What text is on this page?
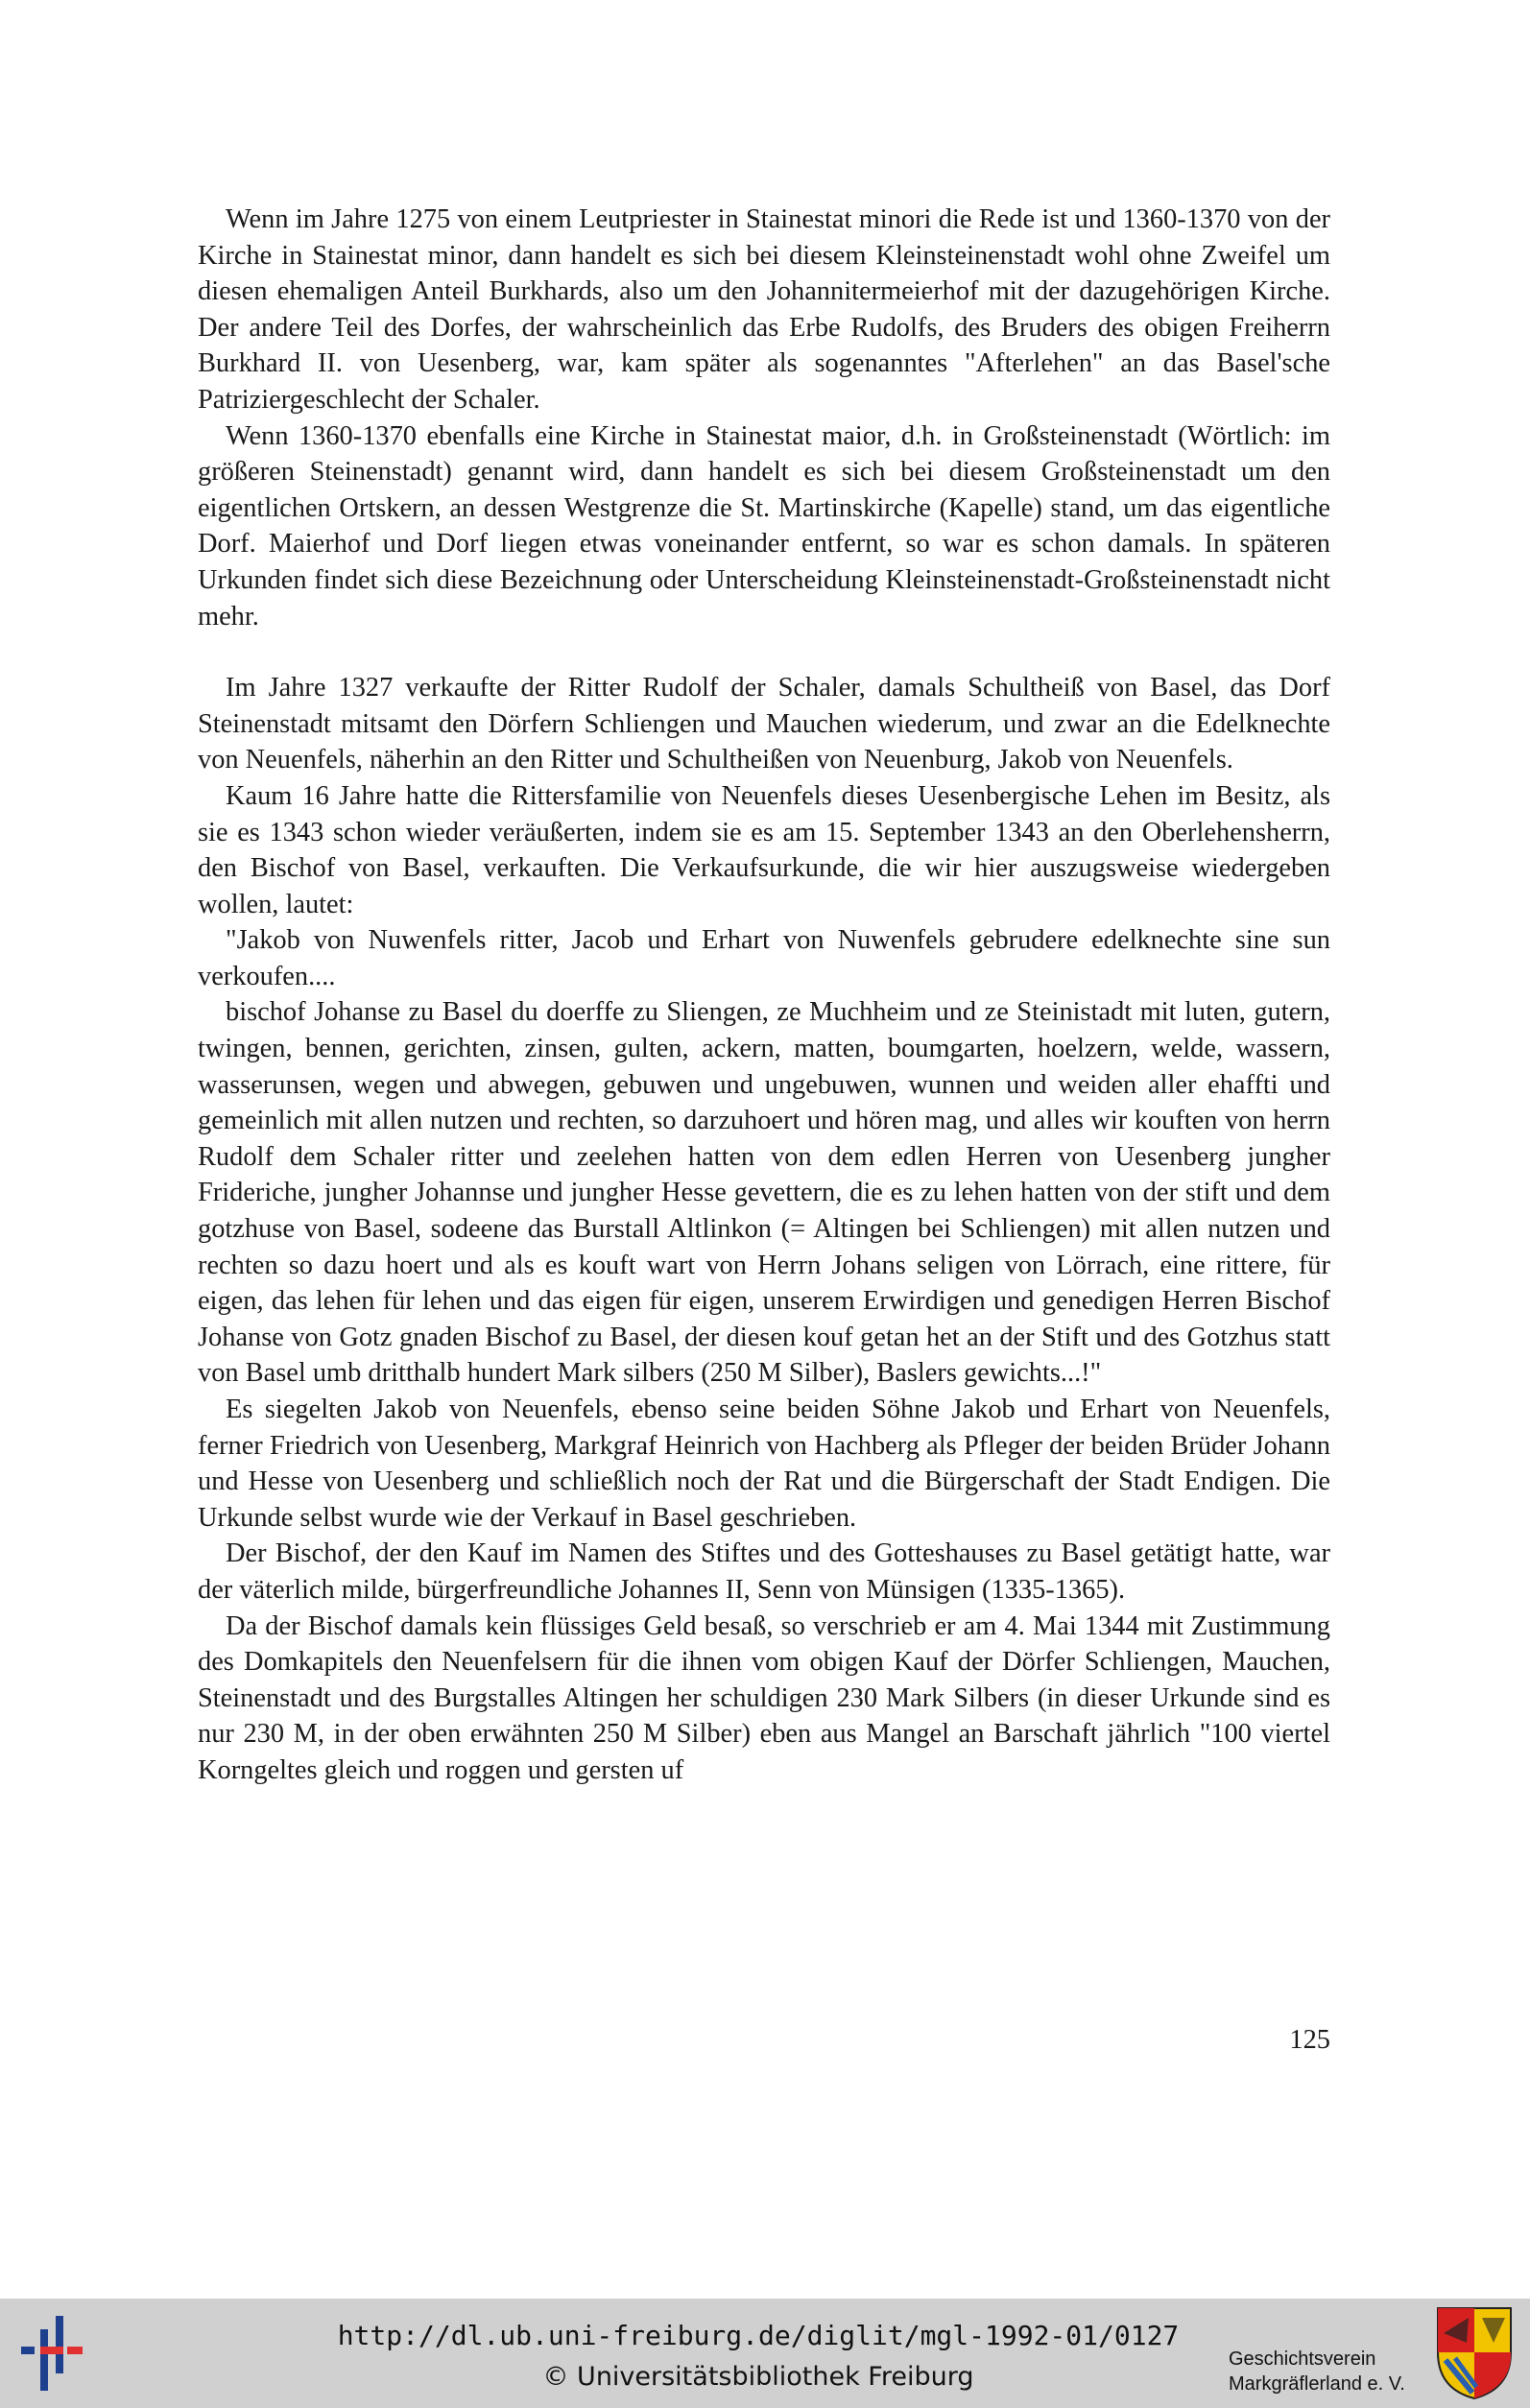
Wenn im Jahre 1275 von einem Leutpriester in Stainestat minori die Rede ist und 1360-1370 von der Kirche in Stainestat minor, dann handelt es sich bei diesem Kleinsteinenstadt wohl ohne Zweifel um diesen ehemaligen Anteil Burkhards, also um den Johannitermeierhof mit der dazugehörigen Kirche. Der andere Teil des Dorfes, der wahrscheinlich das Erbe Rudolfs, des Bruders des obigen Freiherrn Burkhard II. von Uesenberg, war, kam später als sogenanntes "Afterlehen" an das Basel'sche Patriziergeschlecht der Schaler.

Wenn 1360-1370 ebenfalls eine Kirche in Stainestat maior, d.h. in Großsteinenstadt (Wörtlich: im größeren Steinenstadt) genannt wird, dann handelt es sich bei diesem Großsteinenstadt um den eigentlichen Ortskern, an dessen Westgrenze die St. Martinskirche (Kapelle) stand, um das eigentliche Dorf. Maierhof und Dorf liegen etwas voneinander entfernt, so war es schon damals. In späteren Urkunden findet sich diese Bezeichnung oder Unterscheidung Kleinsteinenstadt-Großsteinenstadt nicht mehr.

Im Jahre 1327 verkaufte der Ritter Rudolf der Schaler, damals Schultheiß von Basel, das Dorf Steinenstadt mitsamt den Dörfern Schliengen und Mauchen wiederum, und zwar an die Edelknechte von Neuenfels, näherhin an den Ritter und Schultheißen von Neuenburg, Jakob von Neuenfels.

Kaum 16 Jahre hatte die Rittersfamilie von Neuenfels dieses Uesenbergische Lehen im Besitz, als sie es 1343 schon wieder veräußerten, indem sie es am 15. September 1343 an den Oberlehensherrn, den Bischof von Basel, verkauften. Die Verkaufsurkunde, die wir hier auszugsweise wiedergeben wollen, lautet:

"Jakob von Nuwenfels ritter, Jacob und Erhart von Nuwenfels gebrudere edelknechte sine sun verkoufen....

bischof Johanse zu Basel du doerffe zu Sliengen, ze Muchheim und ze Steinistadt mit luten, gutern, twingen, bennen, gerichten, zinsen, gulten, ackern, matten, boumgarten, hoelzern, welde, wassern, wasserunsen, wegen und abwegen, gebuwen und ungebuwen, wunnen und weiden aller ehaffti und gemeinlich mit allen nutzen und rechten, so darzuhoert und hören mag, und alles wir kouften von herrn Rudolf dem Schaler ritter und zeelehen hatten von dem edlen Herren von Uesenberg jungher Frideriche, jungher Johannse und jungher Hesse gevettern, die es zu lehen hatten von der stift und dem gotzhuse von Basel, sodeene das Burstall Altlinkon (= Altingen bei Schliengen) mit allen nutzen und rechten so dazu hoert und als es kouft wart von Herrn Johans seligen von Lörrach, eine rittere, für eigen, das lehen für lehen und das eigen für eigen, unserem Erwirdigen und genedigen Herren Bischof Johanse von Gotz gnaden Bischof zu Basel, der diesen kouf getan het an der Stift und des Gotzhus statt von Basel umb dritthalb hundert Mark silbers (250 M Silber), Baslers gewichts...!"

Es siegelten Jakob von Neuenfels, ebenso seine beiden Söhne Jakob und Erhart von Neuenfels, ferner Friedrich von Uesenberg, Markgraf Heinrich von Hachberg als Pfleger der beiden Brüder Johann und Hesse von Uesenberg und schließlich noch der Rat und die Bürgerschaft der Stadt Endigen. Die Urkunde selbst wurde wie der Verkauf in Basel geschrieben.

Der Bischof, der den Kauf im Namen des Stiftes und des Gotteshauses zu Basel getätigt hatte, war der väterlich milde, bürgerfreundliche Johannes II, Senn von Münsigen (1335-1365).

Da der Bischof damals kein flüssiges Geld besaß, so verschrieb er am 4. Mai 1344 mit Zustimmung des Domkapitels den Neuenfelsern für die ihnen vom obigen Kauf der Dörfer Schliengen, Mauchen, Steinenstadt und des Burgstalles Altingen her schuldigen 230 Mark Silbers (in dieser Urkunde sind es nur 230 M, in der oben erwähnten 250 M Silber) eben aus Mangel an Barschaft jährlich "100 viertel Korngeltes gleich und roggen und gersten uf

125
http://dl.ub.uni-freiburg.de/diglit/mgl-1992-01/0127
© Universitätsbibliothek Freiburg
Geschichtsverein
Markgräflerland e. V.
